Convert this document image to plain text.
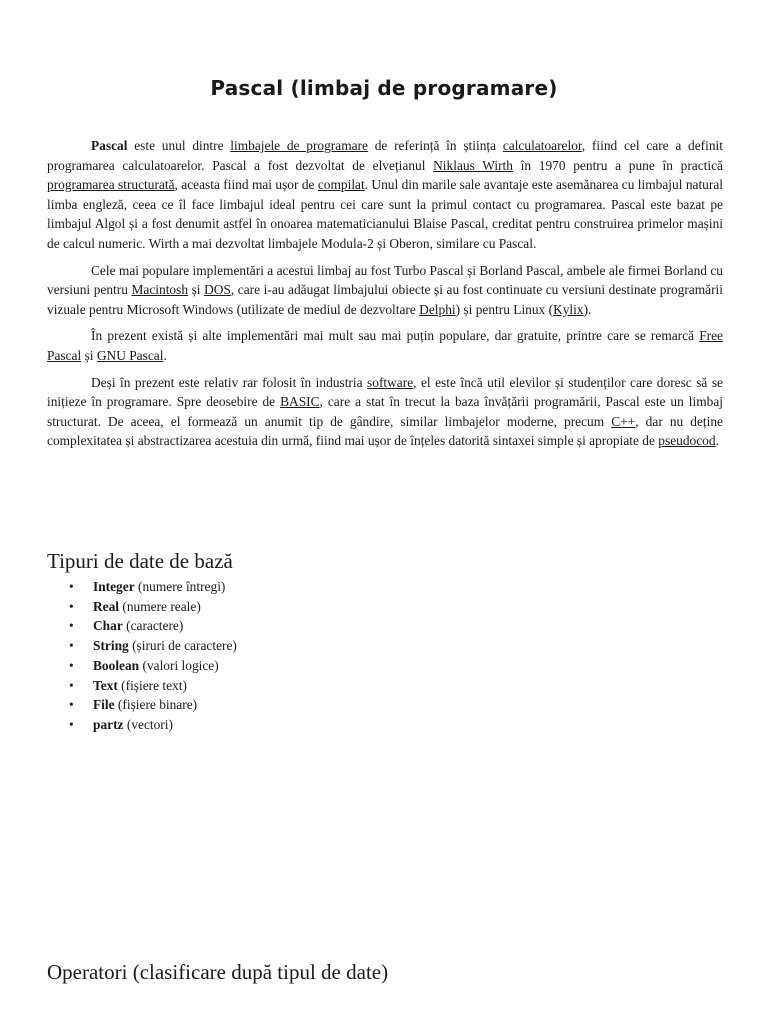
Pascal (limbaj de programare)

Pascal este unul dintre limbajele de programare de referință în știința calculatoarelor, fiind cel care a definit programarea calculatoarelor. Pascal a fost dezvoltat de elvețianul Niklaus Wirth în 1970 pentru a pune în practică programarea structurată, aceasta fiind mai ușor de compilat. Unul din marile sale avantaje este asemănarea cu limbajul natural limba engleză, ceea ce îl face limbajul ideal pentru cei care sunt la primul contact cu programarea. Pascal este bazat pe limbajul Algol și a fost denumit astfel în onoarea matematicianului Blaise Pascal, creditat pentru construirea primelor mașini de calcul numeric. Wirth a mai dezvoltat limbajele Modula-2 și Oberon, similare cu Pascal.

Cele mai populare implementări a acestui limbaj au fost Turbo Pascal și Borland Pascal, ambele ale firmei Borland cu versiuni pentru Macintosh și DOS, care i-au adăugat limbajului obiecte și au fost continuate cu versiuni destinate programării vizuale pentru Microsoft Windows (utilizate de mediul de dezvoltare Delphi) și pentru Linux (Kylix).

În prezent există și alte implementări mai mult sau mai puțin populare, dar gratuite, printre care se remarcă Free Pascal și GNU Pascal.

Deși în prezent este relativ rar folosit în industria software, el este încă util elevilor și studenților care doresc să se inițieze în programare. Spre deosebire de BASIC, care a stat în trecut la baza învățării programării, Pascal este un limbaj structurat. De aceea, el formează un anumit tip de gândire, similar limbajelor moderne, precum C++, dar nu deține complexitatea și abstractizarea acestuia din urmă, fiind mai ușor de înțeles datorită sintaxei simple și apropiate de pseudocod.

Tipuri de date de bază
• Integer (numere întregi)
• Real (numere reale)
• Char (caractere)
• String (șiruri de caractere)
• Boolean (valori logice)
• Text (fișiere text)
• File (fișiere binare)
• partz (vectori)
Operatori (clasificare după tipul de date)
